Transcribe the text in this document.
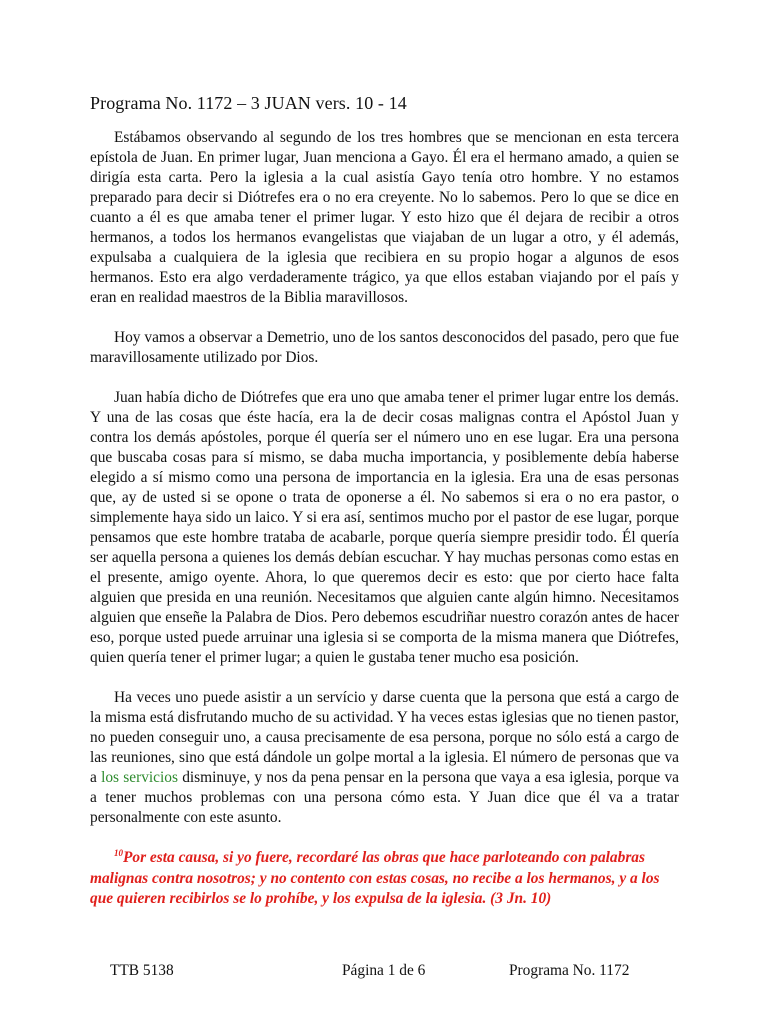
Programa No. 1172 – 3 JUAN vers. 10 - 14

Estábamos observando al segundo de los tres hombres que se mencionan en esta tercera epístola de Juan. En primer lugar, Juan menciona a Gayo. Él era el hermano amado, a quien se dirigía esta carta. Pero la iglesia a la cual asistía Gayo tenía otro hombre. Y no estamos preparado para decir si Diótrefes era o no era creyente. No lo sabemos. Pero lo que se dice en cuanto a él es que amaba tener el primer lugar. Y esto hizo que él dejara de recibir a otros hermanos, a todos los hermanos evangelistas que viajaban de un lugar a otro, y él además, expulsaba a cualquiera de la iglesia que recibiera en su propio hogar a algunos de esos hermanos. Esto era algo verdaderamente trágico, ya que ellos estaban viajando por el país y eran en realidad maestros de la Biblia maravillosos.

Hoy vamos a observar a Demetrio, uno de los santos desconocidos del pasado, pero que fue maravillosamente utilizado por Dios.

Juan había dicho de Diótrefes que era uno que amaba tener el primer lugar entre los demás. Y una de las cosas que éste hacía, era la de decir cosas malignas contra el Apóstol Juan y contra los demás apóstoles, porque él quería ser el número uno en ese lugar. Era una persona que buscaba cosas para sí mismo, se daba mucha importancia, y posiblemente debía haberse elegido a sí mismo como una persona de importancia en la iglesia. Era una de esas personas que, ay de usted si se opone o trata de oponerse a él. No sabemos si era o no era pastor, o simplemente haya sido un laico. Y si era así, sentimos mucho por el pastor de ese lugar, porque pensamos que este hombre trataba de acabarle, porque quería siempre presidir todo. Él quería ser aquella persona a quienes los demás debían escuchar. Y hay muchas personas como estas en el presente, amigo oyente. Ahora, lo que queremos decir es esto: que por cierto hace falta alguien que presida en una reunión. Necesitamos que alguien cante algún himno. Necesitamos alguien que enseñe la Palabra de Dios. Pero debemos escudriñar nuestro corazón antes de hacer eso, porque usted puede arruinar una iglesia si se comporta de la misma manera que Diótrefes, quien quería tener el primer lugar; a quien le gustaba tener mucho esa posición.

Ha veces uno puede asistir a un servício y darse cuenta que la persona que está a cargo de la misma está disfrutando mucho de su actividad. Y ha veces estas iglesias que no tienen pastor, no pueden conseguir uno, a causa precisamente de esa persona, porque no sólo está a cargo de las reuniones, sino que está dándole un golpe mortal a la iglesia. El número de personas que va a los servicios disminuye, y nos da pena pensar en la persona que vaya a esa iglesia, porque va a tener muchos problemas con una persona cómo esta. Y Juan dice que él va a tratar personalmente con este asunto.

$^{10}$Por esta causa, si yo fuere, recordaré las obras que hace parloteando con palabras malignas contra nosotros; y no contento con estas cosas, no recibe a los hermanos, y a los que quieren recibirlos se lo prohíbe, y los expulsa de la iglesia. (3 Jn. 10)

TTB 5138	Página 1 de 6	Programa No. 1172
